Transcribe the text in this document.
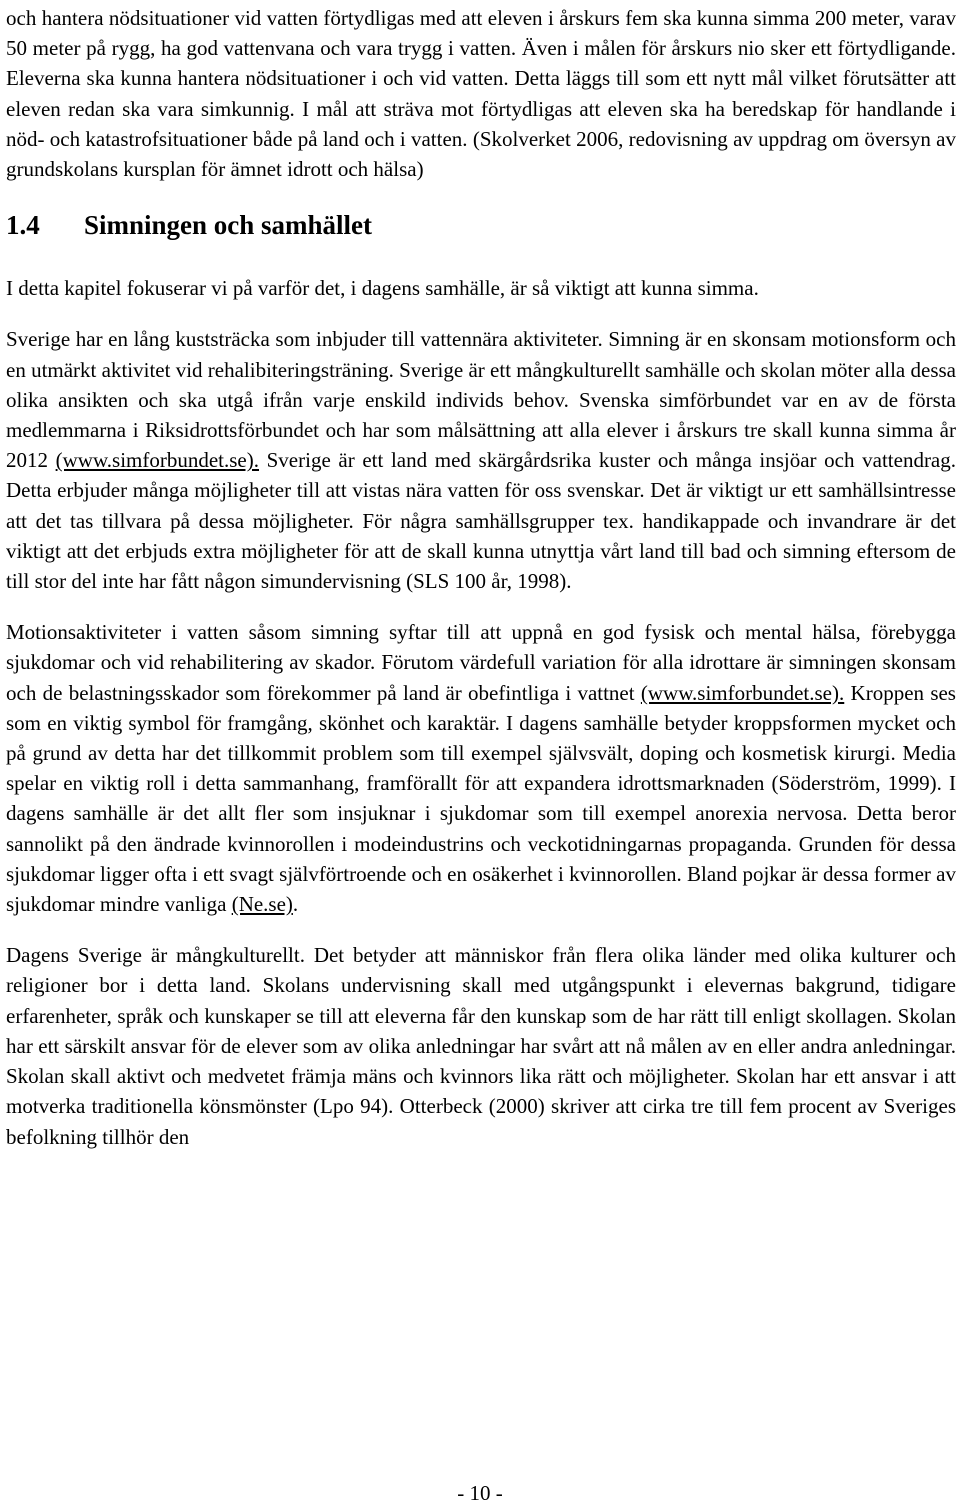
och hantera nödsituationer vid vatten förtydligas med att eleven i årskurs fem ska kunna simma 200 meter, varav 50 meter på rygg, ha god vattenvana och vara trygg i vatten. Även i målen för årskurs nio sker ett förtydligande. Eleverna ska kunna hantera nödsituationer i och vid vatten. Detta läggs till som ett nytt mål vilket förutsätter att eleven redan ska vara simkunnig. I mål att sträva mot förtydligas att eleven ska ha beredskap för handlande i nöd- och katastrofsituationer både på land och i vatten. (Skolverket 2006, redovisning av uppdrag om översyn av grundskolans kursplan för ämnet idrott och hälsa)

1.4 Simningen och samhället

I detta kapitel fokuserar vi på varför det, i dagens samhälle, är så viktigt att kunna simma.

Sverige har en lång kuststräcka som inbjuder till vattennära aktiviteter. Simning är en skonsam motionsform och en utmärkt aktivitet vid rehalibiteringsträning. Sverige är ett mångkulturellt samhälle och skolan möter alla dessa olika ansikten och ska utgå ifrån varje enskild individs behov. Svenska simförbundet var en av de första medlemmarna i Riksidrottsförbundet och har som målsättning att alla elever i årskurs tre skall kunna simma år 2012 (www.simforbundet.se). Sverige är ett land med skärgårdsrika kuster och många insjöar och vattendrag. Detta erbjuder många möjligheter till att vistas nära vatten för oss svenskar. Det är viktigt ur ett samhällsintresse att det tas tillvara på dessa möjligheter. För några samhällsgrupper tex. handikappade och invandrare är det viktigt att det erbjuds extra möjligheter för att de skall kunna utnyttja vårt land till bad och simning eftersom de till stor del inte har fått någon simundervisning (SLS 100 år, 1998).

Motionsaktiviteter i vatten såsom simning syftar till att uppnå en god fysisk och mental hälsa, förebygga sjukdomar och vid rehabilitering av skador. Förutom värdefull variation för alla idrottare är simningen skonsam och de belastningsskador som förekommer på land är obefintliga i vattnet (www.simforbundet.se). Kroppen ses som en viktig symbol för framgång, skönhet och karaktär. I dagens samhälle betyder kroppsformen mycket och på grund av detta har det tillkommit problem som till exempel självsvält, doping och kosmetisk kirurgi. Media spelar en viktig roll i detta sammanhang, framförallt för att expandera idrottsmarknaden (Söderström, 1999). I dagens samhälle är det allt fler som insjuknar i sjukdomar som till exempel anorexia nervosa. Detta beror sannolikt på den ändrade kvinnorollen i modeindustrins och veckotidningarnas propaganda. Grunden för dessa sjukdomar ligger ofta i ett svagt självförtroende och en osäkerhet i kvinnorollen. Bland pojkar är dessa former av sjukdomar mindre vanliga (Ne.se).

Dagens Sverige är mångkulturellt. Det betyder att människor från flera olika länder med olika kulturer och religioner bor i detta land. Skolans undervisning skall med utgångspunkt i elevernas bakgrund, tidigare erfarenheter, språk och kunskaper se till att eleverna får den kunskap som de har rätt till enligt skollagen. Skolan har ett särskilt ansvar för de elever som av olika anledningar har svårt att nå målen av en eller andra anledningar. Skolan skall aktivt och medvetet främja mäns och kvinnors lika rätt och möjligheter. Skolan har ett ansvar i att motverka traditionella könsmönster (Lpo 94). Otterbeck (2000) skriver att cirka tre till fem procent av Sveriges befolkning tillhör den

- 10 -
